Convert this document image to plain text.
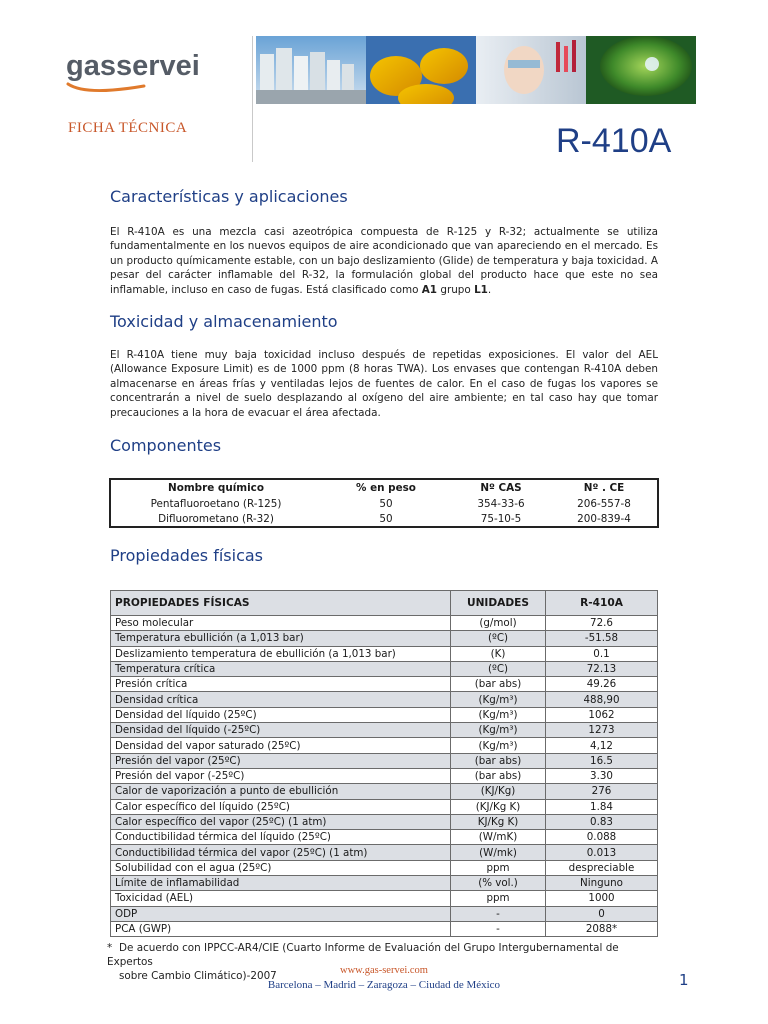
gasservei
FICHA TÉCNICA	R-410A
Características y aplicaciones

El R-410A es una mezcla casi azeotrópica compuesta de R-125 y R-32; actualmente se utiliza fundamentalmente en los nuevos equipos de aire acondicionado que van apareciendo en el mercado. Es un producto químicamente estable, con un bajo deslizamiento (Glide) de temperatura y baja toxicidad. A pesar del carácter inflamable del R-32, la formulación global del producto hace que este no sea inflamable, incluso en caso de fugas. Está clasificado como A1 grupo L1.

Toxicidad y almacenamiento

El R-410A tiene muy baja toxicidad incluso después de repetidas exposiciones. El valor del AEL (Allowance Exposure Limit) es de 1000 ppm (8 horas TWA). Los envases que contengan R-410A deben almacenarse en áreas frías y ventiladas lejos de fuentes de calor. En el caso de fugas los vapores se concentrarán a nivel de suelo desplazando al oxígeno del aire ambiente; en tal caso hay que tomar precauciones a la hora de evacuar el área afectada.

Componentes
Nombre químico	% en peso	Nº CAS	Nº . CE
Pentafluoroetano (R-125)	50	354-33-6	206-557-8
Difluorometano (R-32)	50	75-10-5	200-839-4
Propiedades físicas
PROPIEDADES FÍSICAS	UNIDADES	R-410A
Peso molecular	(g/mol)	72.6
Temperatura ebullición (a 1,013 bar)	(ºC)	-51.58
Deslizamiento temperatura de ebullición (a 1,013 bar)	(K)	0.1
Temperatura crítica	(ºC)	72.13
Presión crítica	(bar abs)	49.26
Densidad crítica	(Kg/m³)	488,90
Densidad del líquido (25ºC)	(Kg/m³)	1062
Densidad del líquido (-25ºC)	(Kg/m³)	1273
Densidad del vapor saturado (25ºC)	(Kg/m³)	4,12
Presión del vapor (25ºC)	(bar abs)	16.5
Presión del vapor (-25ºC)	(bar abs)	3.30
Calor de vaporización a punto de ebullición	(KJ/Kg)	276
Calor específico del líquido (25ºC)	(KJ/Kg K)	1.84
Calor específico del vapor (25ºC) (1 atm)	KJ/Kg K)	0.83
Conductibilidad térmica del líquido (25ºC)	(W/mK)	0.088
Conductibilidad térmica del vapor (25ºC) (1 atm)	(W/mk)	0.013
Solubilidad con el agua (25ºC)	ppm	despreciable
Límite de inflamabilidad	(% vol.)	Ninguno
Toxicidad (AEL)	ppm	1000
ODP	-	0
PCA (GWP)	-	2088*
* De acuerdo con IPPCC-AR4/CIE (Cuarto Informe de Evaluación del Grupo Intergubernamental de Expertos
sobre Cambio Climático)-2007	www.gas-servei.com
Barcelona – Madrid – Zaragoza – Ciudad de México	1
